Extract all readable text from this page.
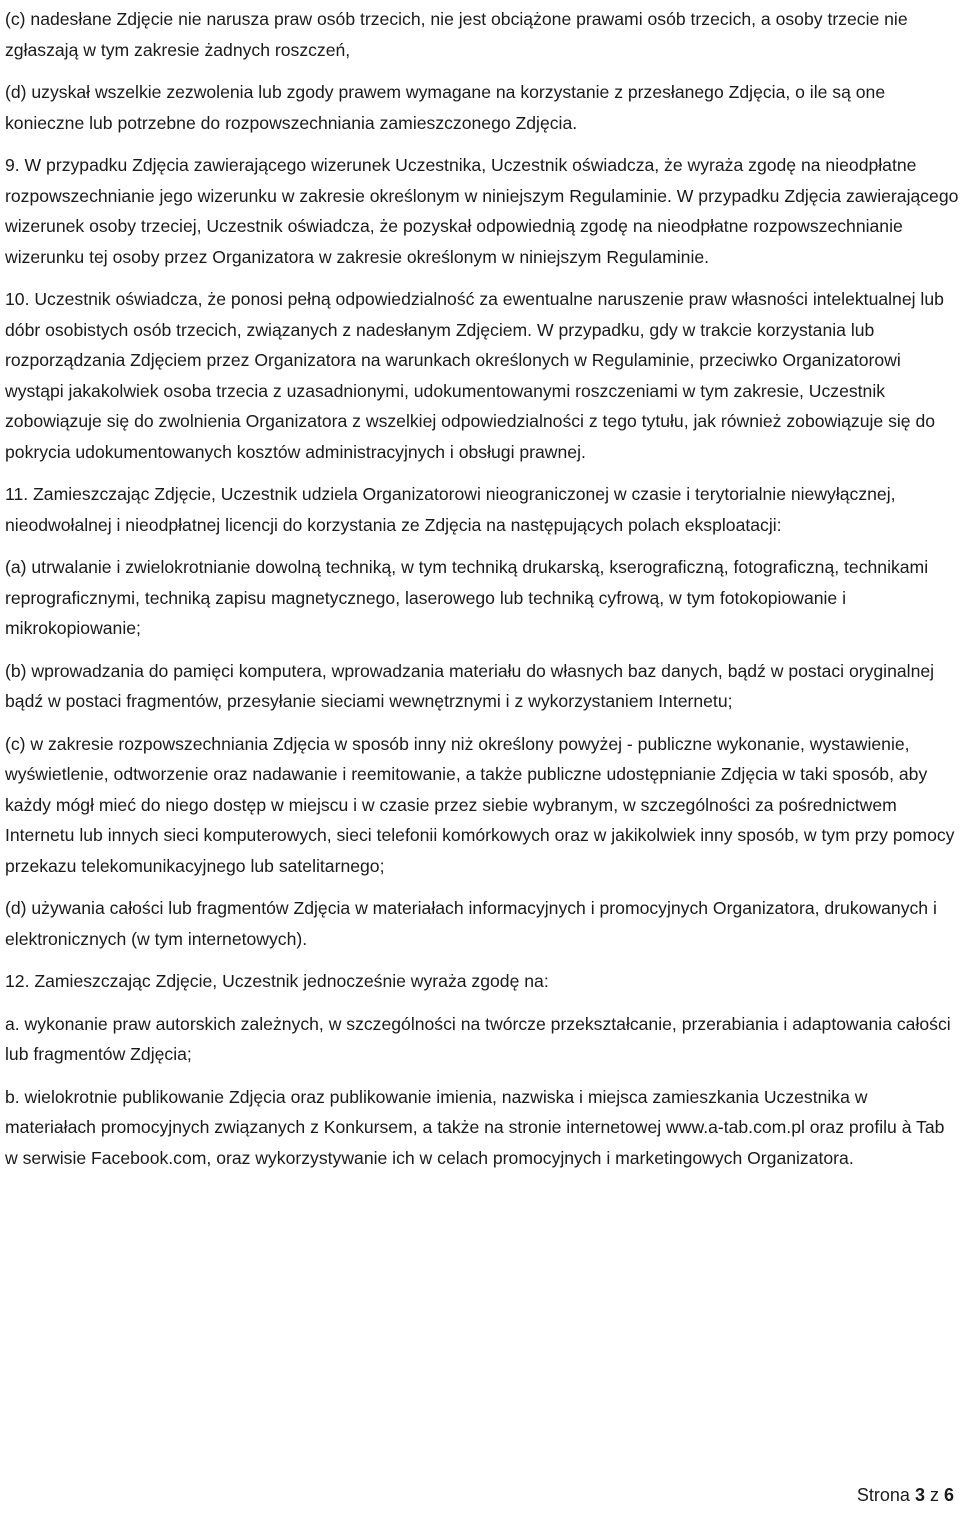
(c) nadesłane Zdjęcie nie narusza praw osób trzecich, nie jest obciążone prawami osób trzecich, a osoby trzecie nie zgłaszają w tym zakresie żadnych roszczeń,

(d) uzyskał wszelkie zezwolenia lub zgody prawem wymagane na korzystanie z przesłanego Zdjęcia, o ile są one konieczne lub potrzebne do rozpowszechniania zamieszczonego Zdjęcia.

9. W przypadku Zdjęcia zawierającego wizerunek Uczestnika, Uczestnik oświadcza, że wyraża zgodę na nieodpłatne rozpowszechnianie jego wizerunku w zakresie określonym w niniejszym Regulaminie. W przypadku Zdjęcia zawierającego wizerunek osoby trzeciej, Uczestnik oświadcza, że pozyskał odpowiednią zgodę na nieodpłatne rozpowszechnianie wizerunku tej osoby przez Organizatora w zakresie określonym w niniejszym Regulaminie.

10. Uczestnik oświadcza, że ponosi pełną odpowiedzialność za ewentualne naruszenie praw własności intelektualnej lub dóbr osobistych osób trzecich, związanych z nadesłanym Zdjęciem. W przypadku, gdy w trakcie korzystania lub rozporządzania Zdjęciem przez Organizatora na warunkach określonych w Regulaminie, przeciwko Organizatorowi wystąpi jakakolwiek osoba trzecia z uzasadnionymi, udokumentowanymi roszczeniami w tym zakresie, Uczestnik zobowiązuje się do zwolnienia Organizatora z wszelkiej odpowiedzialności z tego tytułu, jak również zobowiązuje się do pokrycia udokumentowanych kosztów administracyjnych i obsługi prawnej.

11. Zamieszczając Zdjęcie, Uczestnik udziela Organizatorowi nieograniczonej w czasie i terytorialnie niewyłącznej, nieodwołalnej i nieodpłatnej licencji do korzystania ze Zdjęcia na następujących polach eksploatacji:

(a) utrwalanie i zwielokrotnianie dowolną techniką, w tym techniką drukarską, kserograficzną, fotograficzną, technikami reprograficznymi, techniką zapisu magnetycznego, laserowego lub techniką cyfrową, w tym fotokopiowanie i mikrokopiowanie;

(b) wprowadzania do pamięci komputera, wprowadzania materiału do własnych baz danych, bądź w postaci oryginalnej bądź w postaci fragmentów, przesyłanie sieciami wewnętrznymi i z wykorzystaniem Internetu;

(c) w zakresie rozpowszechniania Zdjęcia w sposób inny niż określony powyżej - publiczne wykonanie, wystawienie, wyświetlenie, odtworzenie oraz nadawanie i reemitowanie, a także publiczne udostępnianie Zdjęcia w taki sposób, aby każdy mógł mieć do niego dostęp w miejscu i w czasie przez siebie wybranym, w szczególności za pośrednictwem Internetu lub innych sieci komputerowych, sieci telefonii komórkowych oraz w jakikolwiek inny sposób, w tym przy pomocy przekazu telekomunikacyjnego lub satelitarnego;

(d) używania całości lub fragmentów Zdjęcia w materiałach informacyjnych i promocyjnych Organizatora, drukowanych i elektronicznych (w tym internetowych).

12. Zamieszczając Zdjęcie, Uczestnik jednocześnie wyraża zgodę na:

a. wykonanie praw autorskich zależnych, w szczególności na twórcze przekształcanie, przerabiania i adaptowania całości lub fragmentów Zdjęcia;

b. wielokrotnie publikowanie Zdjęcia oraz publikowanie imienia, nazwiska i miejsca zamieszkania Uczestnika w materiałach promocyjnych związanych z Konkursem, a także na stronie internetowej www.a-tab.com.pl oraz profilu à Tab w serwisie Facebook.com, oraz wykorzystywanie ich w celach promocyjnych i marketingowych Organizatora.

Strona 3 z 6
